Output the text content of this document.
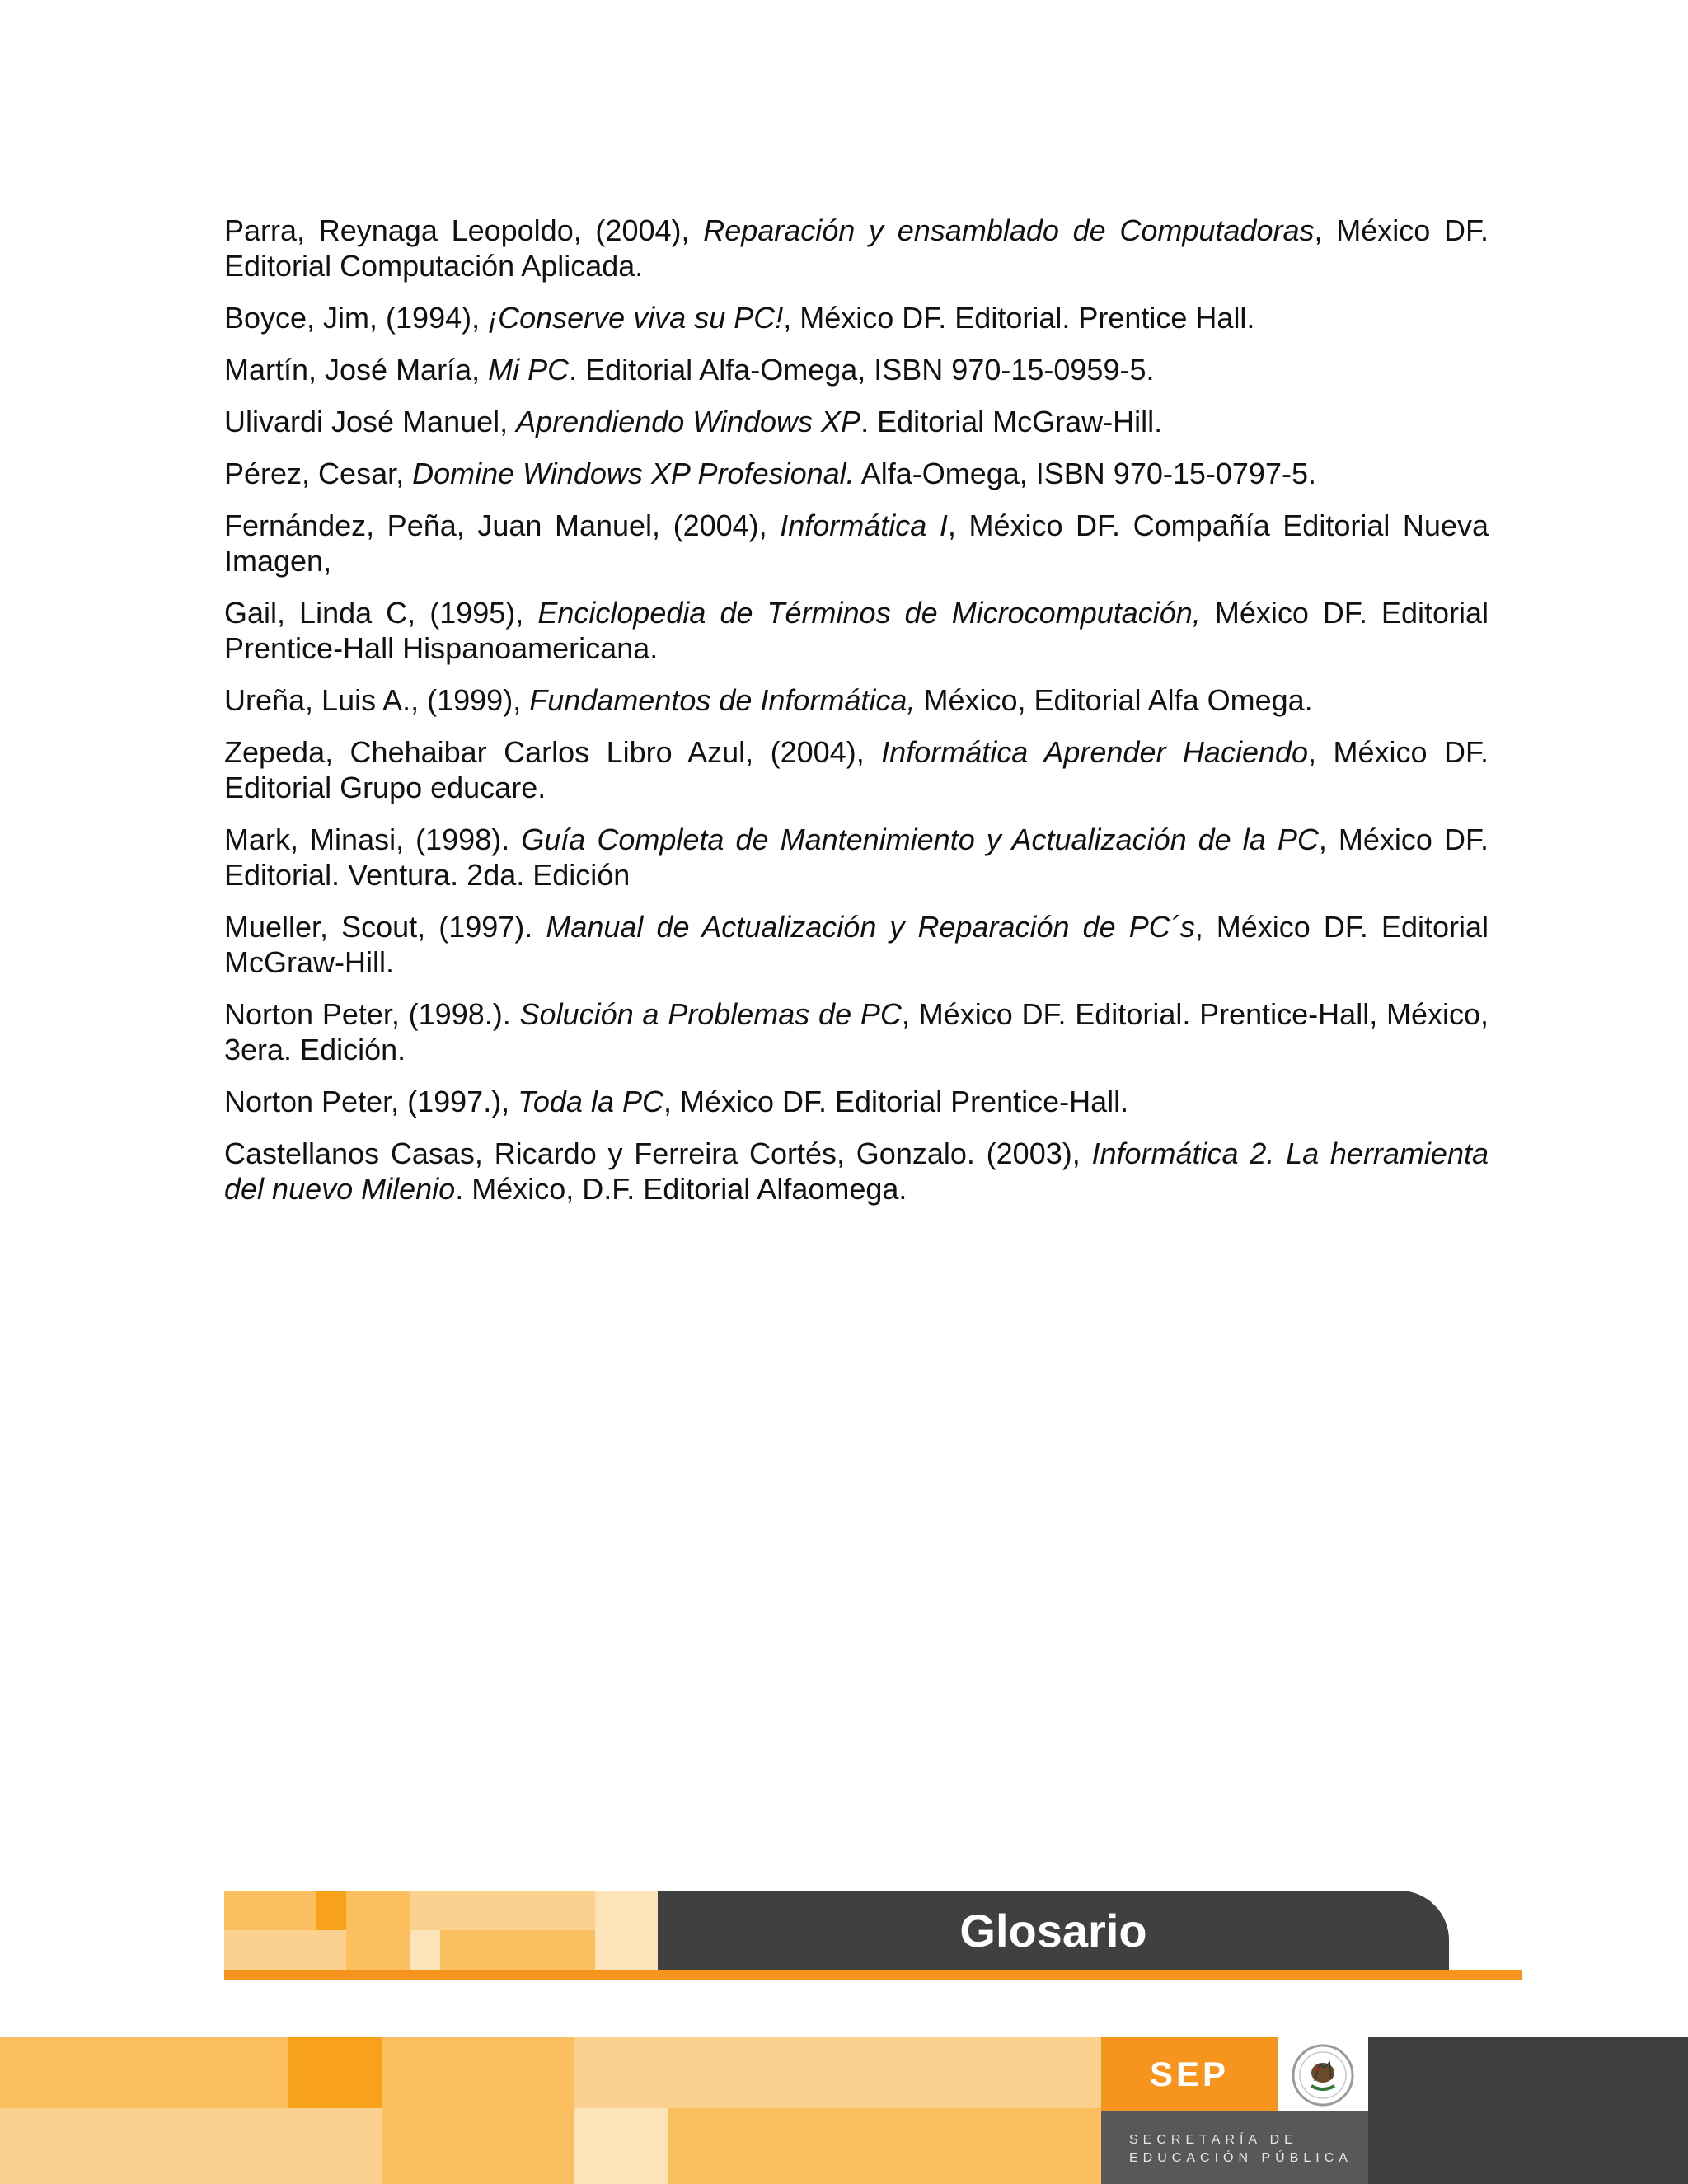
Parra, Reynaga Leopoldo, (2004), Reparación y ensamblado de Computadoras, México DF. Editorial Computación Aplicada.

Boyce, Jim, (1994), ¡Conserve viva su PC!, México DF. Editorial. Prentice Hall.

Martín, José María, Mi PC. Editorial Alfa-Omega, ISBN 970-15-0959-5.

Ulivardi José Manuel, Aprendiendo Windows XP. Editorial McGraw-Hill.

Pérez, Cesar, Domine Windows XP Profesional. Alfa-Omega, ISBN 970-15-0797-5.

Fernández, Peña, Juan Manuel, (2004), Informática I, México DF. Compañía Editorial Nueva Imagen,

Gail, Linda C, (1995), Enciclopedia de Términos de Microcomputación, México DF. Editorial Prentice-Hall Hispanoamericana.

Ureña, Luis A., (1999), Fundamentos de Informática, México, Editorial Alfa Omega.

Zepeda, Chehaibar Carlos Libro Azul, (2004), Informática Aprender Haciendo, México DF. Editorial Grupo educare.

Mark, Minasi, (1998). Guía Completa de Mantenimiento y Actualización de la PC, México DF. Editorial. Ventura. 2da. Edición

Mueller, Scout, (1997). Manual de Actualización y Reparación de PC´s, México DF. Editorial McGraw-Hill.

Norton Peter, (1998.). Solución a Problemas de PC, México DF. Editorial. Prentice-Hall, México, 3era. Edición.

Norton Peter, (1997.), Toda la PC, México DF. Editorial Prentice-Hall.

Castellanos Casas, Ricardo y Ferreira Cortés, Gonzalo. (2003), Informática 2. La herramienta del nuevo Milenio. México, D.F. Editorial Alfaomega.

Glosario
SEP
SECRETARÍA DE
EDUCACIÓN PÚBLICA
